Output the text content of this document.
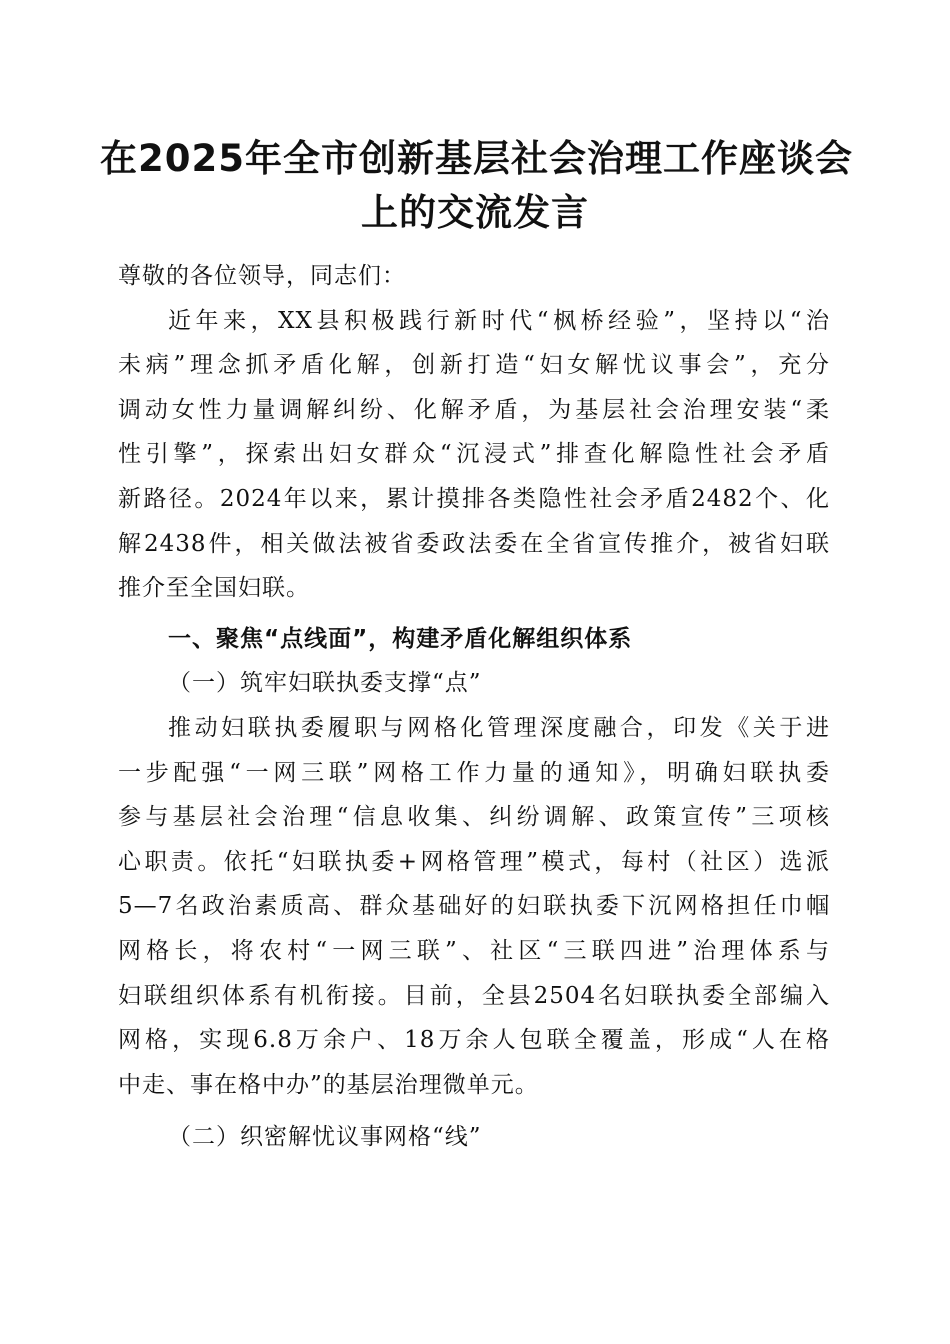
在2025年全市创新基层社会治理工作座谈会
上的交流发言
尊敬的各位领导，同志们：
近年来，XX县积极践行新时代“枫桥经验”，坚持以“治
未病”理念抓矛盾化解，创新打造“妇女解忧议事会”，充分
调动女性力量调解纠纷、化解矛盾，为基层社会治理安装“柔
性引擎”，探索出妇女群众“沉浸式”排查化解隐性社会矛盾
新路径。2024年以来，累计摸排各类隐性社会矛盾2482个、化
解2438件，相关做法被省委政法委在全省宣传推介，被省妇联
推介至全国妇联。
一、聚焦“点线面”，构建矛盾化解组织体系
（一）筑牢妇联执委支撑“点”
推动妇联执委履职与网格化管理深度融合，印发《关于进
一步配强“一网三联”网格工作力量的通知》，明确妇联执委
参与基层社会治理“信息收集、纠纷调解、政策宣传”三项核
心职责。依托“妇联执委+网格管理”模式，每村（社区）选派
5—7名政治素质高、群众基础好的妇联执委下沉网格担任巾帼
网格长，将农村“一网三联”、社区“三联四进”治理体系与
妇联组织体系有机衔接。目前，全县2504名妇联执委全部编入
网格，实现6.8万余户、18万余人包联全覆盖，形成“人在格
中走、事在格中办”的基层治理微单元。
（二）织密解忧议事网格“线”
